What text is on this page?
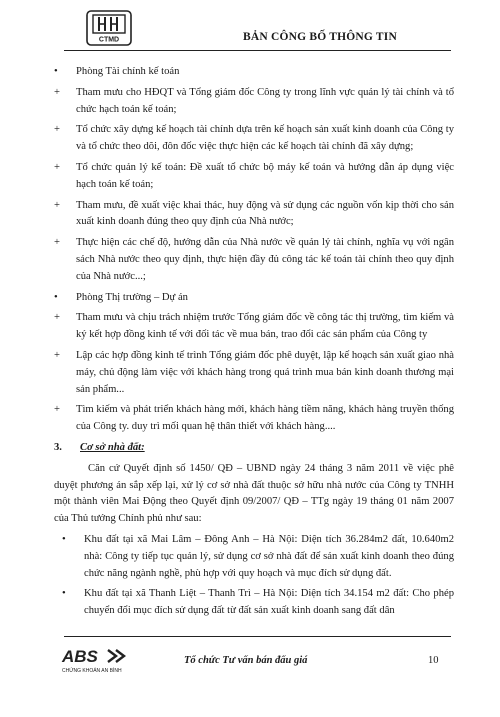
CTMD	BẢN CÔNG BỐ THÔNG TIN
•	Phòng Tài chính kế toán
+	Tham mưu cho HĐQT và Tổng giám đốc Công ty trong lĩnh vực quản lý tài chính và tổ chức hạch toán kế toán;
+	Tổ chức xây dựng kế hoạch tài chính dựa trên kế hoạch sản xuất kinh doanh của Công ty và tổ chức theo dõi, đôn đốc việc thực hiện các kế hoạch tài chính đã xây dựng;
+	Tổ chức quản lý kế toán: Đề xuất tổ chức bộ máy kế toán và hướng dẫn áp dụng việc hạch toán kế toán;
+	Tham mưu, đề xuất việc khai thác, huy động và sử dụng các nguồn vốn kịp thời cho sản xuất kinh doanh đúng theo quy định của Nhà nước;
+	Thực hiện các chế độ, hướng dẫn của Nhà nước về quản lý tài chính, nghĩa vụ với ngân sách Nhà nước theo quy định, thực hiện đầy đủ công tác kế toán tài chính theo quy định của Nhà nước...;
•	Phòng Thị trường – Dự án
+	Tham mưu và chịu trách nhiệm trước Tổng giám đốc về công tác thị trường, tìm kiếm và ký kết hợp đồng kinh tế với đối tác về mua bán, trao đổi các sản phẩm của Công ty
+	Lập các hợp đồng kinh tế trình Tổng giám đốc phê duyệt, lập kế hoạch sản xuất giao nhà máy, chủ động làm việc với khách hàng trong quá trình mua bán kinh doanh thương mại sản phẩm...
+	Tìm kiếm và phát triển khách hàng mới, khách hàng tiềm năng, khách hàng truyền thống của Công ty. duy trì mối quan hệ thân thiết với khách hàng....
3.	Cơ sở nhà đất:

Căn cứ Quyết định số 1450/ QĐ – UBND ngày 24 tháng 3 năm 2011 về việc phê duyệt phương án sắp xếp lại, xử lý cơ sở nhà đất thuộc sở hữu nhà nước của Công ty TNHH một thành viên Mai Động theo Quyết định 09/2007/ QĐ – TTg ngày 19 tháng 01 năm 2007 của Thủ tướng Chính phủ như sau:

•	Khu đất tại xã Mai Lâm – Đông Anh – Hà Nội: Diện tích 36.284m2 đất, 10.640m2 nhà: Công ty tiếp tục quản lý, sử dụng cơ sở nhà đất để sản xuất kinh doanh theo đúng chức năng ngành nghề, phù hợp với quy hoạch và mục đích sử dụng đất.
•	Khu đất tại xã Thanh Liệt – Thanh Trì – Hà Nội: Diện tích 34.154 m2 đất: Cho phép chuyển đổi mục đích sử dụng đất từ đất sản xuất kinh doanh sang đất dân
ABS
CHỨNG KHOÁN AN BÌNH
Tổ chức Tư vấn bán đấu giá	10
